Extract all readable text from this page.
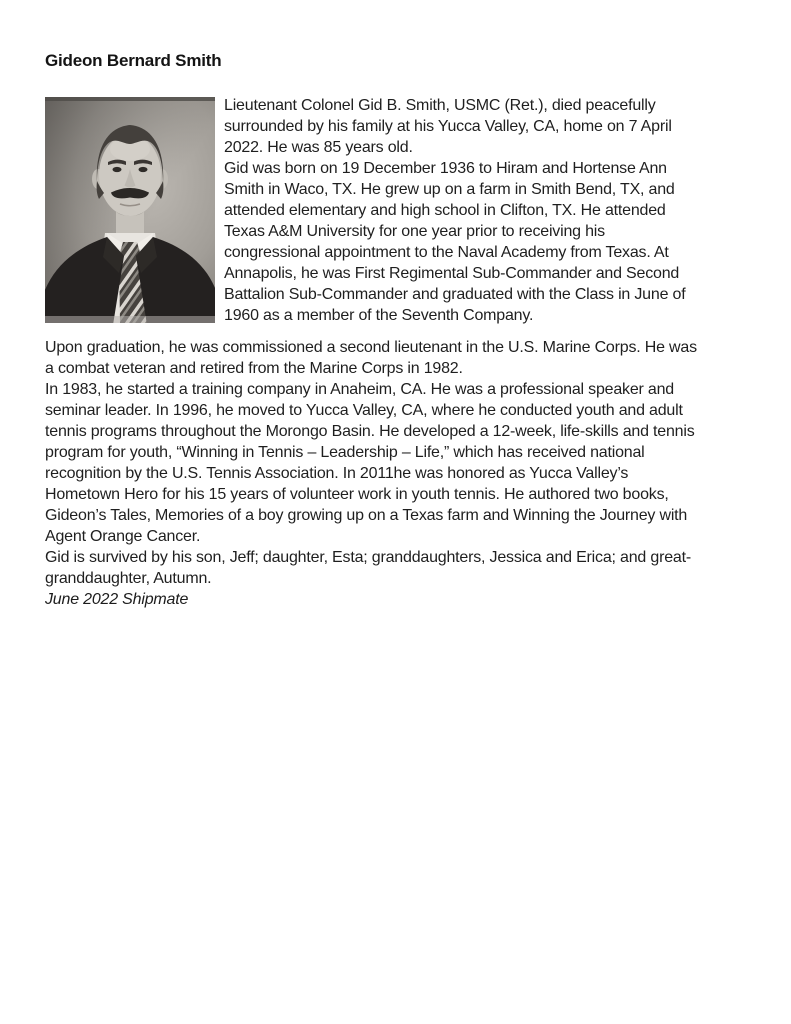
Gideon Bernard Smith

Lieutenant Colonel Gid B. Smith, USMC (Ret.), died peacefully
surrounded by his family at his Yucca Valley, CA, home on 7 April
2022. He was 85 years old.

Gid was born on 19 December 1936 to Hiram and Hortense Ann
Smith in Waco, TX. He grew up on a farm in Smith Bend, TX, and
attended elementary and high school in Clifton, TX. He attended
Texas A&M University for one year prior to receiving his
congressional appointment to the Naval Academy from Texas. At
Annapolis, he was First Regimental Sub-Commander and Second
Battalion Sub-Commander and graduated with the Class in June of
1960 as a member of the Seventh Company.

Upon graduation, he was commissioned a second lieutenant in the U.S. Marine Corps. He was
a combat veteran and retired from the Marine Corps in 1982.

In 1983, he started a training company in Anaheim, CA. He was a professional speaker and
seminar leader. In 1996, he moved to Yucca Valley, CA, where he conducted youth and adult
tennis programs throughout the Morongo Basin. He developed a 12-week, life-skills and tennis
program for youth, “Winning in Tennis – Leadership – Life,” which has received national
recognition by the U.S. Tennis Association. In 2011he was honored as Yucca Valley’s
Hometown Hero for his 15 years of volunteer work in youth tennis. He authored two books,
Gideon’s Tales, Memories of a boy growing up on a Texas farm and Winning the Journey with
Agent Orange Cancer.

Gid is survived by his son, Jeff; daughter, Esta; granddaughters, Jessica and Erica; and great-
granddaughter, Autumn.

June 2022 Shipmate
